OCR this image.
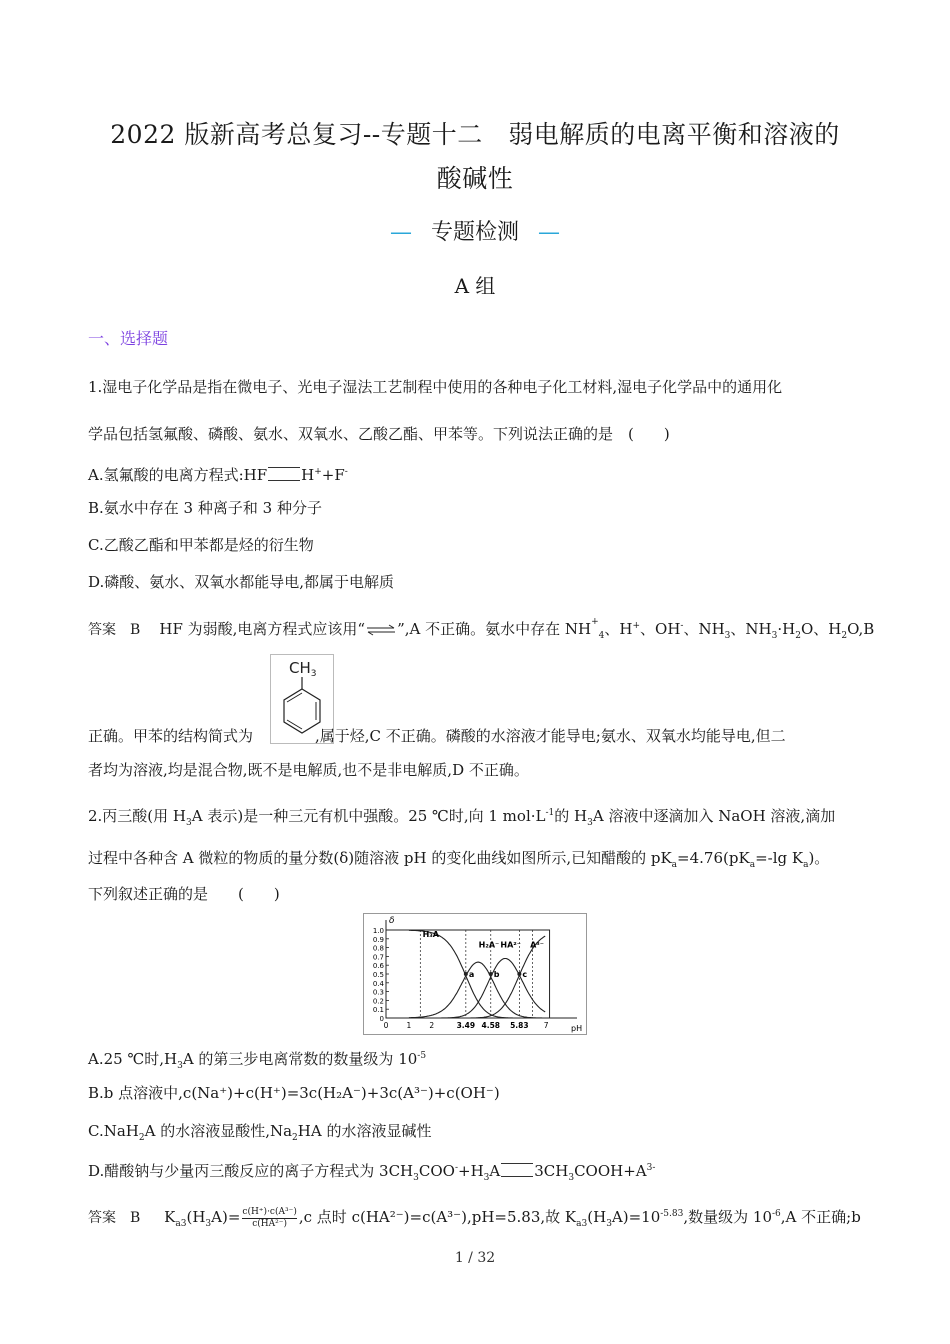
2022 版新高考总复习--专题十二　弱电解质的电离平衡和溶液的
酸碱性
— 专题检测 —
A 组
一、选择题
1.湿电子化学品是指在微电子、光电子湿法工艺制程中使用的各种电子化工材料,湿电子化学品中的通用化
学品包括氢氟酸、磷酸、氨水、双氧水、乙酸乙酯、甲苯等。下列说法正确的是　(　　)
A.氢氟酸的电离方程式:HF H++F-
B.氨水中存在 3 种离子和 3 种分子
C.乙酸乙酯和甲苯都是烃的衍生物
D.磷酸、氨水、双氧水都能导电,都属于电解质
答案　B HF 为弱酸,电离方程式应该用“⇌”,A 不正确。氨水中存在 $NH_{+4}$、H+、OH-、$NH_3$、$NH_3\cdot H_2O$、$H_2O,B$
$CH_3$
正确。甲苯的结构简式为	,属于烃,C 不正确。磷酸的水溶液才能导电;氨水、双氧水均能导电,但二
者均为溶液,均是混合物,既不是电解质,也不是非电解质,D 不正确。
2.丙三酸(用 $H_3A$ 表示)是一种三元有机中强酸。25 ℃时,向 1 $mol\cdot L^{-1}$的 $H_3A$ 溶液中逐滴加入 NaOH 溶液,滴加
过程中各种含 A 微粒的物质的量分数(δ)随溶液 pH 的变化曲线如图所示,已知醋酸的 $pK_a=4.76(pK_a=-\lg$ $K_a$)。
下列叙述正确的是　　(　　)
δ
pH
0
0.1
0.2
0.3
0.4
0.5
0.6
0.7
0.8
0.9
1.0
0 1 2	3.49 4.58 5.83 7
H₃A
H₂A⁻ HA²⁻ A³⁻
a b	c
A.25 ℃时$,H_3A$ 的第三步电离常数的数量级为 $10^{-5}$
B.b 点溶液中,c(Na⁺)+c(H⁺)=3c(H₂A⁻)+3c(A³⁻)+c(OH⁻)
C.NaH$_2$A 的水溶液显酸性$,Na_2HA$ 的水溶液显碱性
D.醋酸钠与少量丙三酸反应的离子方程式为 $3CH_3COO^-+H_3A$ $3CH_3COOH+A^{3-}$
答案　B $K_{a3}(H_3A)= \frac{\text{c(H⁺)·c(A³⁻)}}{\text{c(HA²⁻)}} ,c$ 点时 c(HA²⁻)=c(A³⁻),pH=5.83,故 $K_{a3}(H_3A)=10^{-5.83}$,数量级为 $10^{-6},A$ 不正确;b
1 / 32
